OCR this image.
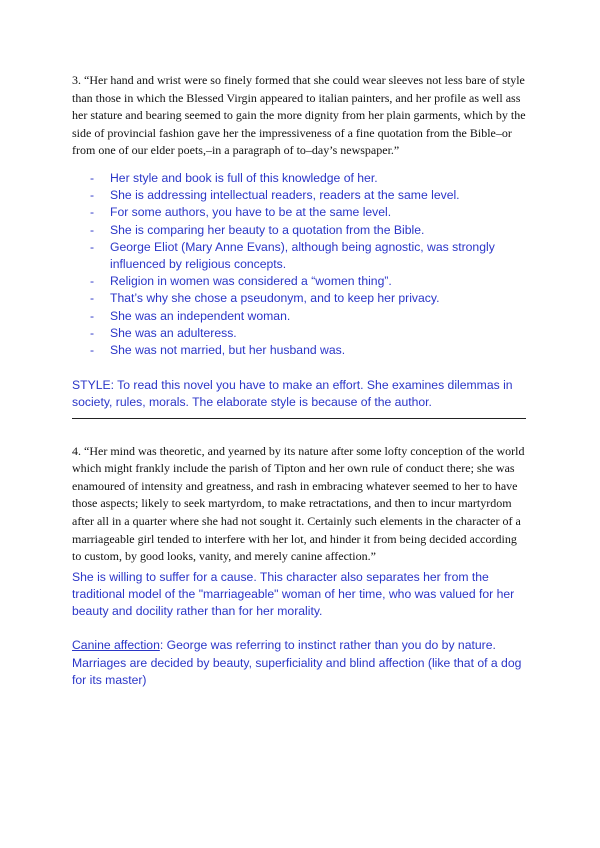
3. “Her hand and wrist were so finely formed that she could wear sleeves not less bare of style than those in which the Blessed Virgin appeared to italian painters, and her profile as well ass her stature and bearing seemed to gain the more dignity from her plain garments, which by the side of provincial fashion gave her the impressiveness of a fine quotation from the Bible–or from one of our elder poets,–in a paragraph of to–day’s newspaper.”

- Her style and book is full of this knowledge of her.
- She is addressing intellectual readers, readers at the same level.
- For some authors, you have to be at the same level.
- She is comparing her beauty to a quotation from the Bible.
- George Eliot (Mary Anne Evans), although being agnostic, was strongly influenced by religious concepts.
- Religion in women was considered a “women thing”.
- That’s why she chose a pseudonym, and to keep her privacy.
- She was an independent woman.
- She was an adulteress.
- She was not married, but her husband was.
STYLE: To read this novel you have to make an effort. She examines dilemmas in society, rules, morals. The elaborate style is because of the author.

4. “Her mind was theoretic, and yearned by its nature after some lofty conception of the world which might frankly include the parish of Tipton and her own rule of conduct there; she was enamoured of intensity and greatness, and rash in embracing whatever seemed to her to have those aspects; likely to seek martyrdom, to make retractations, and then to incur martyrdom after all in a quarter where she had not sought it. Certainly such elements in the character of a marriageable girl tended to interfere with her lot, and hinder it from being decided according to custom, by good looks, vanity, and merely canine affection.”

She is willing to suffer for a cause. This character also separates her from the traditional model of the "marriageable" woman of her time, who was valued for her beauty and docility rather than for her morality.
Canine affection: George was referring to instinct rather than you do by nature.
Marriages are decided by beauty, superficiality and blind affection (like that of a dog for its master)
